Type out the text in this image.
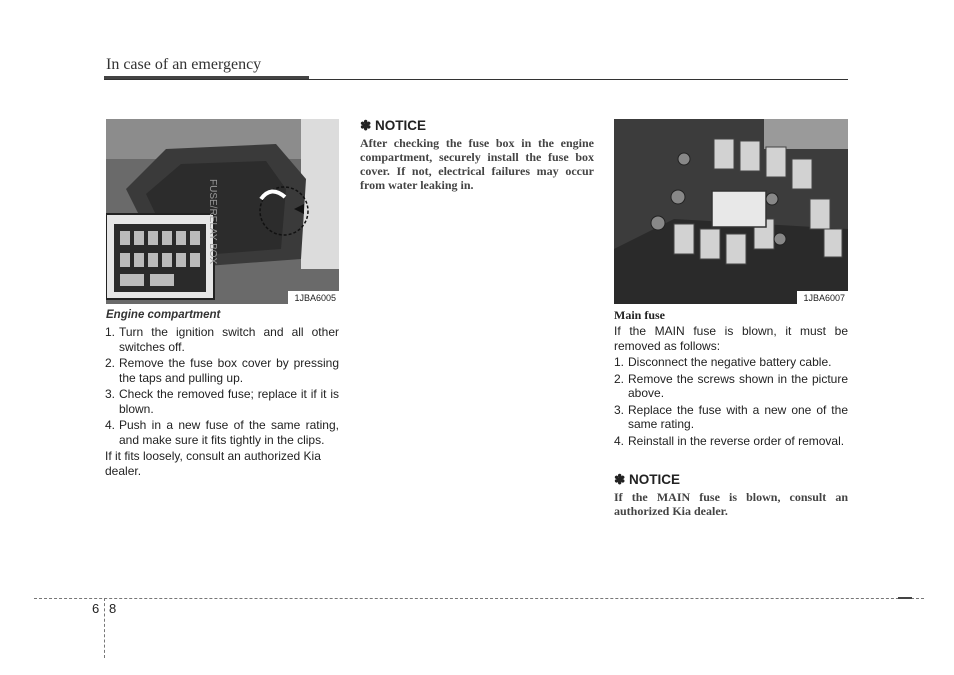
In case of an emergency
FUSE/RELAY BOX
1JBA6005
Engine compartment
1. Turn the ignition switch and all other switches off.
2. Remove the fuse box cover by pressing the taps and pulling up.
3. Check the removed fuse; replace it if it is blown.
4. Push in a new fuse of the same rating, and make sure it fits tightly in the clips.
If it fits loosely, consult an authorized Kia dealer.
✽ NOTICE
After checking the fuse box in the engine compartment, securely install the fuse box cover. If not, electrical failures may occur from water leaking in.
1JBA6007
Main fuse
If the MAIN fuse is blown, it must be removed as follows:
1. Disconnect the negative battery cable.
2. Remove the screws shown in the picture above.
3. Replace the fuse with a new one of the same rating.
4. Reinstall in the reverse order of removal.
✽ NOTICE
If the MAIN fuse is blown, consult an authorized Kia dealer.
6 8
